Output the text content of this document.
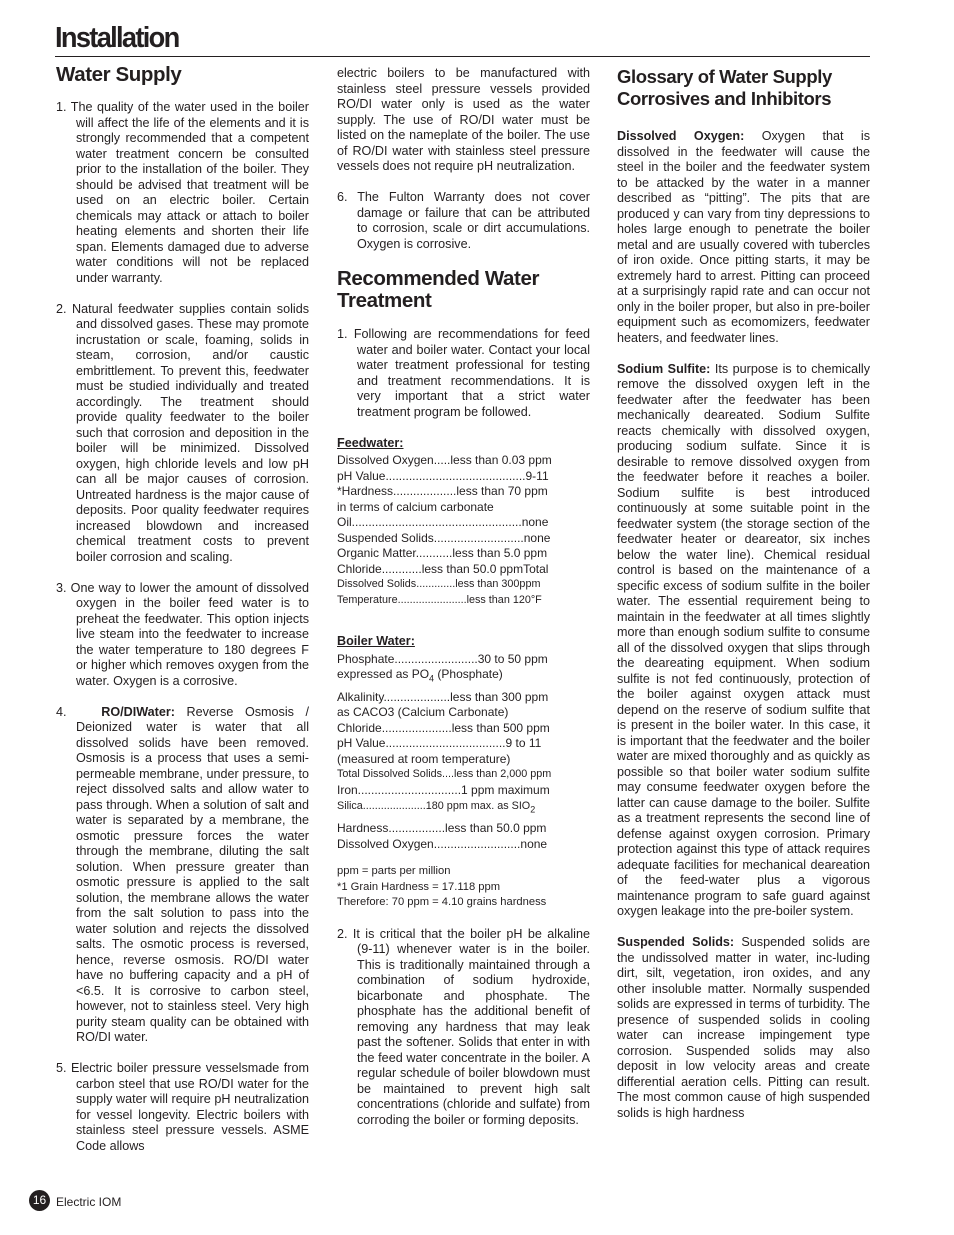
Installation
Water Supply

1. The quality of the water used in the boiler will affect the life of the elements and it is strongly recommended that a competent water treatment concern be consulted prior to the installation of the boiler. They should be advised that treatment will be used on an electric boiler. Certain chemicals may attack or attach to boiler heating elements and shorten their life span. Elements damaged due to adverse water conditions will not be replaced under warranty.

2. Natural feedwater supplies contain solids and dissolved gases. These may promote incrustation or scale, foaming, solids in steam, corrosion, and/or caustic embrittlement. To prevent this, feedwater must be studied individually and treated accordingly. The treatment should provide quality feedwater to the boiler such that corrosion and deposition in the boiler will be minimized. Dissolved oxygen, high chloride levels and low pH can all be major causes of corrosion. Untreated hardness is the major cause of deposits. Poor quality feedwater requires increased blowdown and increased chemical treatment costs to prevent boiler corrosion and scaling.

3. One way to lower the amount of dissolved oxygen in the boiler feed water is to preheat the feedwater. This option injects live steam into the feedwater to increase the water temperature to 180 degrees F or higher which removes oxygen from the water. Oxygen is a corrosive.

4.	RO/DIWater: Reverse Osmosis / Deionized water is water that all dissolved solids have been removed. Osmosis is a process that uses a semi-permeable membrane, under pressure, to reject dissolved salts and allow water to pass through. When a solution of salt and water is separated by a membrane, the osmotic pressure forces the water through the membrane, diluting the salt solution. When pressure greater than osmotic pressure is applied to the salt solution, the membrane allows the water from the salt solution to pass into the water solution and rejects the dissolved salts. The osmotic process is reversed, hence, reverse osmosis. RO/DI water have no buffering capacity and a pH of <6.5. It is corrosive to carbon steel, however, not to stainless steel. Very high purity steam quality can be obtained with RO/DI water.

5. Electric boiler pressure vesselsmade from carbon steel that use RO/DI water for the supply water will require pH neutralization for vessel longevity. Electric boilers with stainless steel pressure vessels. ASME Code allows

electric boilers to be manufactured with stainless steel pressure vessels provided RO/DI water only is used as the water supply. The use of RO/DI water must be listed on the nameplate of the boiler. The use of RO/DI water with stainless steel pressure vessels does not require pH neutralization.

6. The Fulton Warranty does not cover damage or failure that can be attributed to corrosion, scale or dirt accumulations. Oxygen is corrosive.

Recommended Water Treatment

1. Following are recommendations for feed water and boiler water. Contact your local water treatment professional for testing and treatment recommendations. It is very important that a strict water treatment program be followed.

Feedwater:
Dissolved Oxygen.....less than 0.03 ppm
pH Value..........................................9-11
*Hardness...................less than 70 ppm
in terms of calcium carbonate
Oil...................................................none
Suspended Solids...........................none
Organic Matter...........less than 5.0 ppm
Chloride............less than 50.0 ppmTotal
Dissolved Solids.............less than 300ppm
Temperature.......................less than 120°F
Boiler Water:
Phosphate.........................30 to 50 ppm
expressed as $PO_4$ (Phosphate)
Alkalinity....................less than 300 ppm
as CACO3 (Calcium Carbonate)
Chloride.....................less than 500 ppm
pH Value....................................9 to 11
(measured at room temperature)
Total Dissolved Solids....less than 2,000 ppm
Iron...............................1 ppm maximum
Silica.....................180 ppm max. as $SIO_2$
Hardness.................less than 50.0 ppm
Dissolved Oxygen..........................none
ppm = parts per million
*1 Grain Hardness = 17.118 ppm
Therefore: 70 ppm = 4.10 grains hardness

2. It is critical that the boiler pH be alkaline (9-11) whenever water is in the boiler. This is traditionally maintained through a combination of sodium hydroxide, bicarbonate and phosphate. The phosphate has the additional benefit of removing any hardness that may leak past the softener. Solids that enter in with the feed water concentrate in the boiler. A regular schedule of boiler blowdown must be maintained to prevent high salt concentrations (chloride and sulfate) from corroding the boiler or forming deposits.

Glossary of Water Supply Corrosives and Inhibitors

Dissolved Oxygen: Oxygen that is dissolved in the feedwater will cause the steel in the boiler and the feedwater system to be attacked by the water in a manner described as “pitting”. The pits that are produced y can vary from tiny depressions to holes large enough to penetrate the boiler metal and are usually covered with tubercles of iron oxide. Once pitting starts, it may be extremely hard to arrest. Pitting can proceed at a surprisingly rapid rate and can occur not only in the boiler proper, but also in pre-boiler equipment such as ecomomizers, feedwater heaters, and feedwater lines.

Sodium Sulfite: Its purpose is to chemically remove the dissolved oxygen left in the feedwater after the feedwater has been mechanically deareated. Sodium Sulfite reacts chemically with dissolved oxygen, producing sodium sulfate. Since it is desirable to remove dissolved oxygen from the feedwater before it reaches a boiler. Sodium sulfite is best introduced continuously at some suitable point in the feedwater system (the storage section of the feedwater heater or dearеator, six inches below the water line). Chemical residual control is based on the maintenance of a specific excess of sodium sulfite in the boiler water. The essential requirement being to maintain in the feedwater at all times slightly more than enough sodium sulfite to consume all of the dissolved oxygen that slips through the deareating equipment. When sodium sulfite is not fed continuously, protection of the boiler against oxygen attack must depend on the reserve of sodium sulfite that is present in the boiler water. In this case, it is important that the feedwater and the boiler water are mixed thoroughly and as quickly as possible so that boiler water sodium sulfite may consume feedwater oxygen before the latter can cause damage to the boiler. Sulfite as a treatment represents the second line of defense against oxygen corrosion. Primary protection against this type of attack requires adequate facilities for mechanical deareation of the feed-water plus a vigorous maintenance program to safe guard against oxygen leakage into the pre-boiler system.

Suspended Solids: Suspended solids are the undissolved matter in water, inc-luding dirt, silt, vegetation, iron oxides, and any other insoluble matter. Normally suspended solids are expressed in terms of turbidity. The presence of suspended solids in cooling water can increase impingement type corrosion. Suspended solids may also deposit in low velocity areas and create differential aeration cells. Pitting can result. The most common cause of high suspended solids is high hardness

16 Electric IOM
